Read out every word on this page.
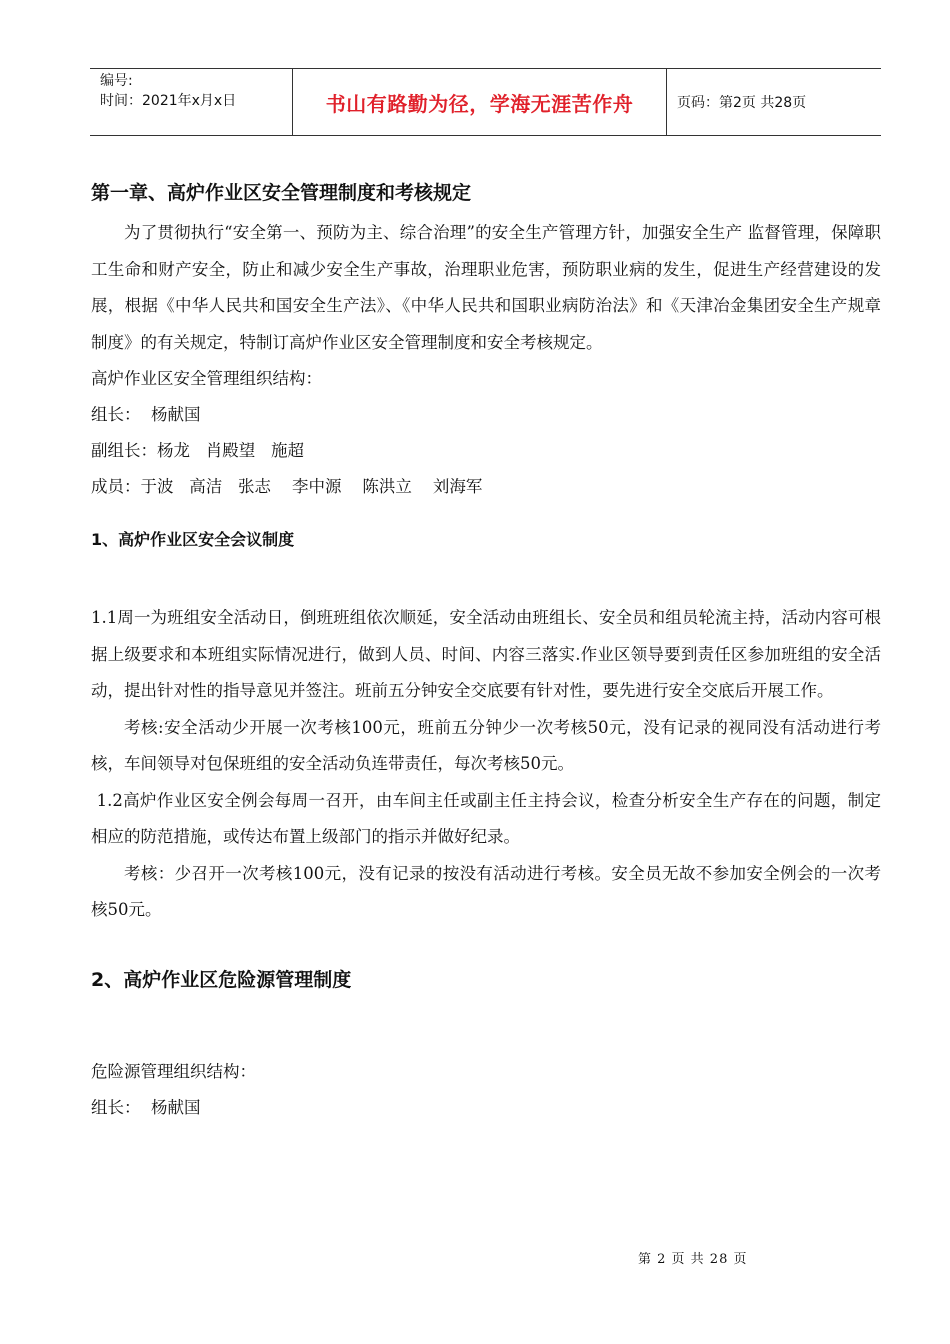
编号:
时间：2021年x月x日	书山有路勤为径，学海无涯苦作舟	页码：第2页 共28页
第一章、高炉作业区安全管理制度和考核规定

为了贯彻执行“安全第一、预防为主、综合治理”的安全生产管理方针，加强安全生产 监督管理，保障职工生命和财产安全，防止和减少安全生产事故，治理职业危害，预防职业病的发生，促进生产经营建设的发展，根据《中华人民共和国安全生产法》、《中华人民共和国职业病防治法》和《天津冶金集团安全生产规章制度》的有关规定，特制订高炉作业区安全管理制度和安全考核规定。

高炉作业区安全管理组织结构：

组长：  杨献国

副组长：杨龙   肖殿望   施超

成员：于波   高洁   张志    李中源    陈洪立    刘海军

1、高炉作业区安全会议制度

1.1周一为班组安全活动日，倒班班组依次顺延，安全活动由班组长、安全员和组员轮流主持，活动内容可根据上级要求和本班组实际情况进行，做到人员、时间、内容三落实.作业区领导要到责任区参加班组的安全活动，提出针对性的指导意见并签注。班前五分钟安全交底要有针对性，要先进行安全交底后开展工作。

考核:安全活动少开展一次考核100元，班前五分钟少一次考核50元，没有记录的视同没有活动进行考核，车间领导对包保班组的安全活动负连带责任，每次考核50元。

1.2高炉作业区安全例会每周一召开，由车间主任或副主任主持会议，检查分析安全生产存在的问题，制定相应的防范措施，或传达布置上级部门的指示并做好纪录。

考核：少召开一次考核100元，没有记录的按没有活动进行考核。安全员无故不参加安全例会的一次考核50元。

2、高炉作业区危险源管理制度

危险源管理组织结构：

组长：  杨献国

第 2 页 共 28 页
